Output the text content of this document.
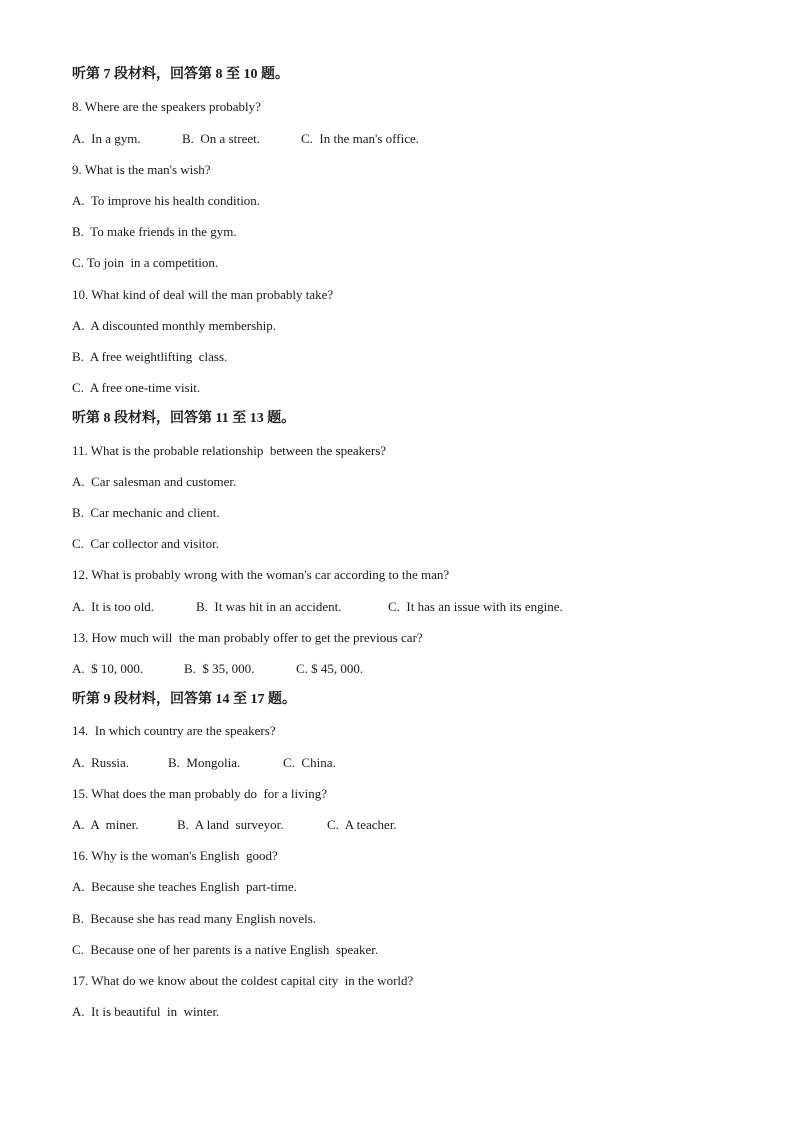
听第 7 段材料，回答第 8 至 10 题。
8. Where are the speakers probably?

A.  In a gym.

	B.  On a street.

	C.  In the man's office.

9. What is the man's wish?
A.  To improve his health condition.
B.  To make friends in the gym.
C. To join  in a competition.
10. What kind of deal will the man probably take?
A.  A discounted monthly membership.
B.  A free weightlifting  class.
C.  A free one-time visit.
听第 8 段材料，回答第 11 至 13 题。
11. What is the probable relationship  between the speakers?
A.  Car salesman and customer.
B.  Car mechanic and client.
C.  Car collector and visitor.
12. What is probably wrong with the woman's car according to the man?

A.  It is too old.

	B.  It was hit in an accident.

	C.  It has an issue with its engine.

13. How much will  the man probably offer to get the previous car?

A.  $ 10, 000.

	B.  $ 35, 000.

	C. $ 45, 000.

听第 9 段材料，回答第 14 至 17 题。
14.  In which country are the speakers?

A.  Russia.

	B.  Mongolia.

	C.  China.

15. What does the man probably do  for a living?

A.  A  miner.

	B.  A land  surveyor.

	C.  A teacher.

16. Why is the woman's English  good?
A.  Because she teaches English  part-time.
B.  Because she has read many English novels.
C.  Because one of her parents is a native English  speaker.
17. What do we know about the coldest capital city  in the world?
A.  It is beautiful  in  winter.
